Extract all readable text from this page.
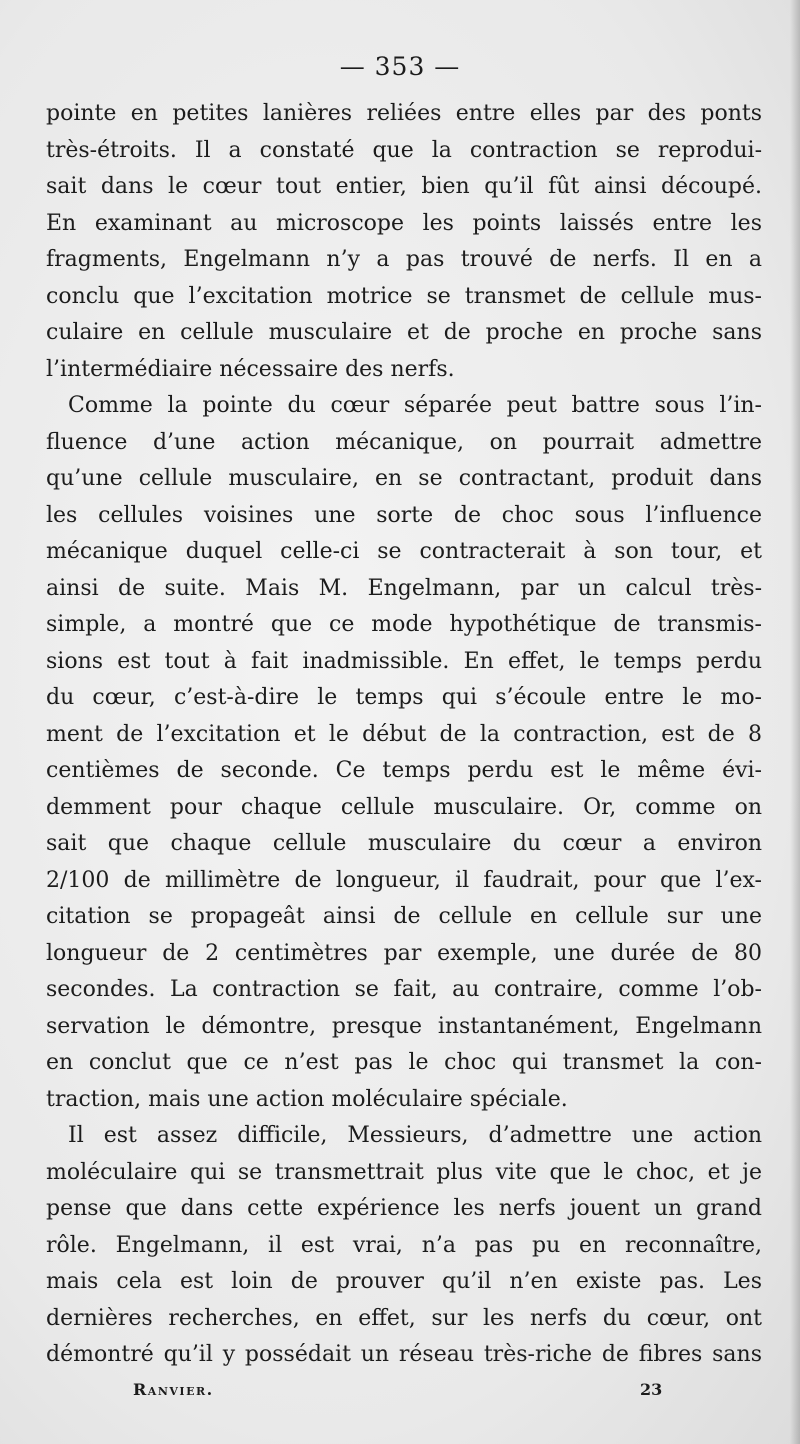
— 353 —
pointe en petites lanières reliées entre elles par des ponts
très-étroits. Il a constaté que la contraction se reprodui-
sait dans le cœur tout entier, bien qu’il fût ainsi découpé.
En examinant au microscope les points laissés entre les
fragments, Engelmann n’y a pas trouvé de nerfs. Il en a
conclu que l’excitation motrice se transmet de cellule mus-
culaire en cellule musculaire et de proche en proche sans
l’intermédiaire nécessaire des nerfs.
Comme la pointe du cœur séparée peut battre sous l’in-
fluence d’une action mécanique, on pourrait admettre
qu’une cellule musculaire, en se contractant, produit dans
les cellules voisines une sorte de choc sous l’influence
mécanique duquel celle-ci se contracterait à son tour, et
ainsi de suite. Mais M. Engelmann, par un calcul très-
simple, a montré que ce mode hypothétique de transmis-
sions est tout à fait inadmissible. En effet, le temps perdu
du cœur, c’est-à-dire le temps qui s’écoule entre le mo-
ment de l’excitation et le début de la contraction, est de 8
centièmes de seconde. Ce temps perdu est le même évi-
demment pour chaque cellule musculaire. Or, comme on
sait que chaque cellule musculaire du cœur a environ
2/100 de millimètre de longueur, il faudrait, pour que l’ex-
citation se propageât ainsi de cellule en cellule sur une
longueur de 2 centimètres par exemple, une durée de 80
secondes. La contraction se fait, au contraire, comme l’ob-
servation le démontre, presque instantanément, Engelmann
en conclut que ce n’est pas le choc qui transmet la con-
traction, mais une action moléculaire spéciale.
Il est assez difficile, Messieurs, d’admettre une action
moléculaire qui se transmettrait plus vite que le choc, et je
pense que dans cette expérience les nerfs jouent un grand
rôle. Engelmann, il est vrai, n’a pas pu en reconnaître,
mais cela est loin de prouver qu’il n’en existe pas. Les
dernières recherches, en effet, sur les nerfs du cœur, ont
démontré qu’il y possédait un réseau très-riche de fibres sans
Ranvier.	23
